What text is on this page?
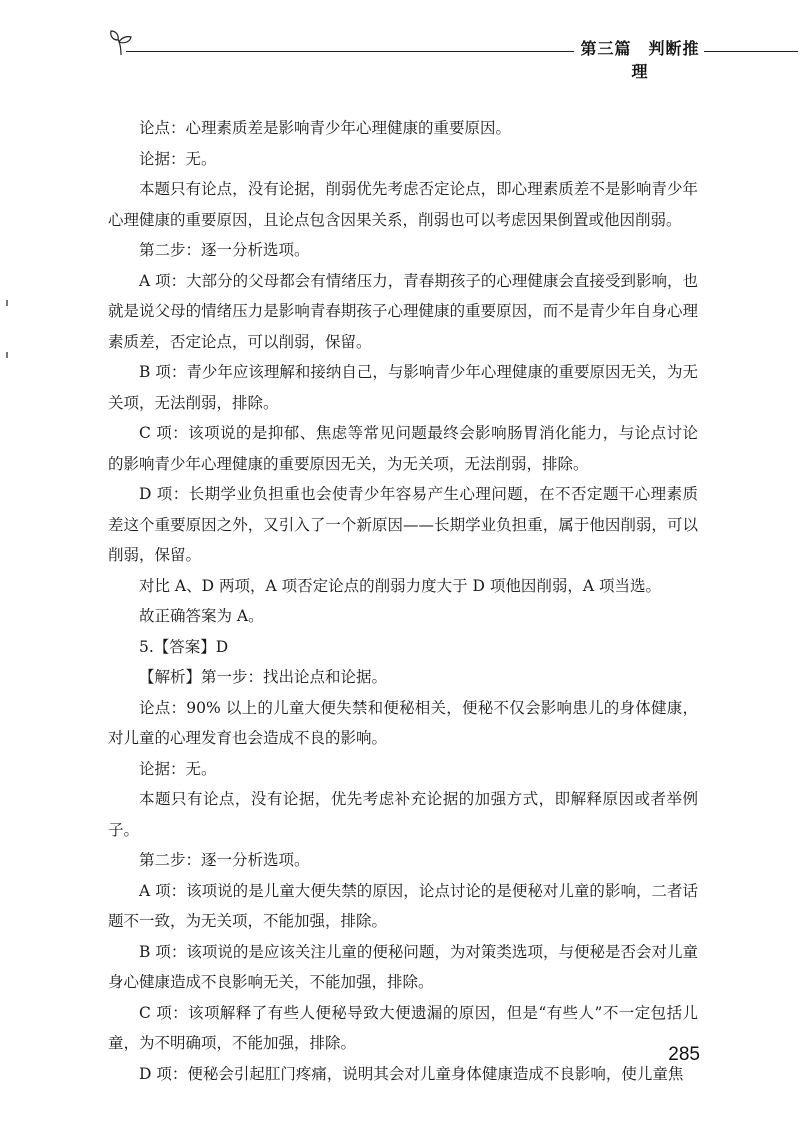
第三篇　判断推理

论点：心理素质差是影响青少年心理健康的重要原因。

论据：无。

本题只有论点，没有论据，削弱优先考虑否定论点，即心理素质差不是影响青少年心理健康的重要原因，且论点包含因果关系，削弱也可以考虑因果倒置或他因削弱。

第二步：逐一分析选项。

A 项：大部分的父母都会有情绪压力，青春期孩子的心理健康会直接受到影响，也就是说父母的情绪压力是影响青春期孩子心理健康的重要原因，而不是青少年自身心理素质差，否定论点，可以削弱，保留。

B 项：青少年应该理解和接纳自己，与影响青少年心理健康的重要原因无关，为无关项，无法削弱，排除。

C 项：该项说的是抑郁、焦虑等常见问题最终会影响肠胃消化能力，与论点讨论的影响青少年心理健康的重要原因无关，为无关项，无法削弱，排除。

D 项：长期学业负担重也会使青少年容易产生心理问题，在不否定题干心理素质差这个重要原因之外，又引入了一个新原因——长期学业负担重，属于他因削弱，可以削弱，保留。

对比 A、D 两项，A 项否定论点的削弱力度大于 D 项他因削弱，A 项当选。

故正确答案为 A。

5.【答案】D

【解析】第一步：找出论点和论据。

论点：90% 以上的儿童大便失禁和便秘相关，便秘不仅会影响患儿的身体健康，对儿童的心理发育也会造成不良的影响。

论据：无。

本题只有论点，没有论据，优先考虑补充论据的加强方式，即解释原因或者举例子。

第二步：逐一分析选项。

A 项：该项说的是儿童大便失禁的原因，论点讨论的是便秘对儿童的影响，二者话题不一致，为无关项，不能加强，排除。

B 项：该项说的是应该关注儿童的便秘问题，为对策类选项，与便秘是否会对儿童身心健康造成不良影响无关，不能加强，排除。

C 项：该项解释了有些人便秘导致大便遗漏的原因，但是“有些人”不一定包括儿童，为不明确项，不能加强，排除。

D 项：便秘会引起肛门疼痛，说明其会对儿童身体健康造成不良影响，使儿童焦

285
